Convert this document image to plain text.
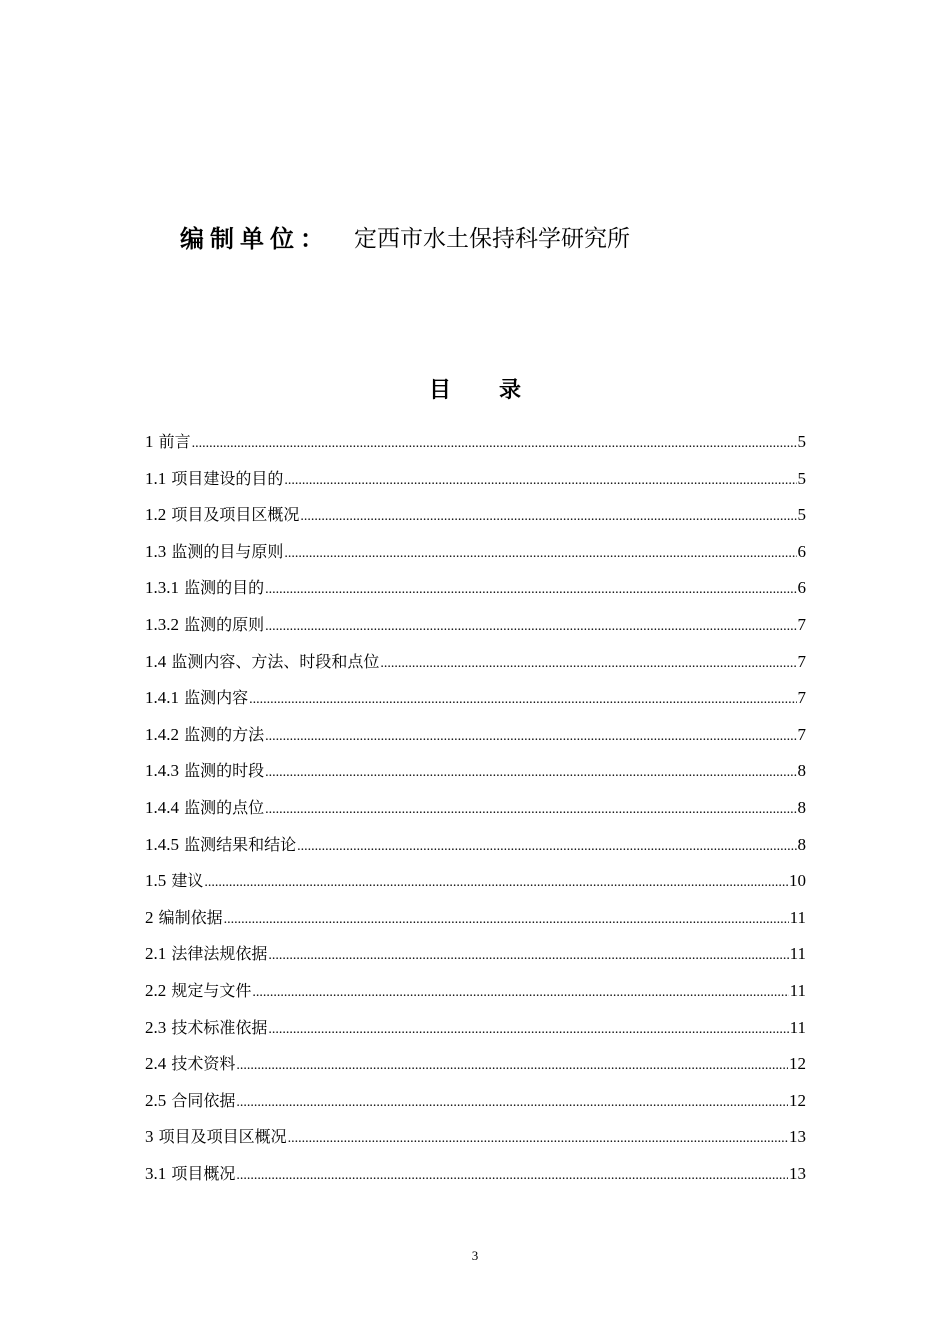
编制单位： 定西市水土保持科学研究所
目 录
1 前言 .....	5
1.1 项目建设的目的 .....	5
1.2 项目及项目区概况 .....	5
1.3 监测的目与原则 .....	6
1.3.1 监测的目的 .....	6
1.3.2 监测的原则 .....	7
1.4 监测内容、方法、时段和点位 .....	7
1.4.1 监测内容 .....	7
1.4.2 监测的方法 .....	7
1.4.3 监测的时段 .....	8
1.4.4 监测的点位 .....	8
1.4.5 监测结果和结论 .....	8
1.5 建议 .....	10
2 编制依据 .....	11
2.1 法律法规依据 .....	11
2.2 规定与文件 .....	11
2.3 技术标准依据 .....	11
2.4 技术资料 .....	12
2.5 合同依据 .....	12
3 项目及项目区概况 .....	13
3.1 项目概况 .....	13
3
